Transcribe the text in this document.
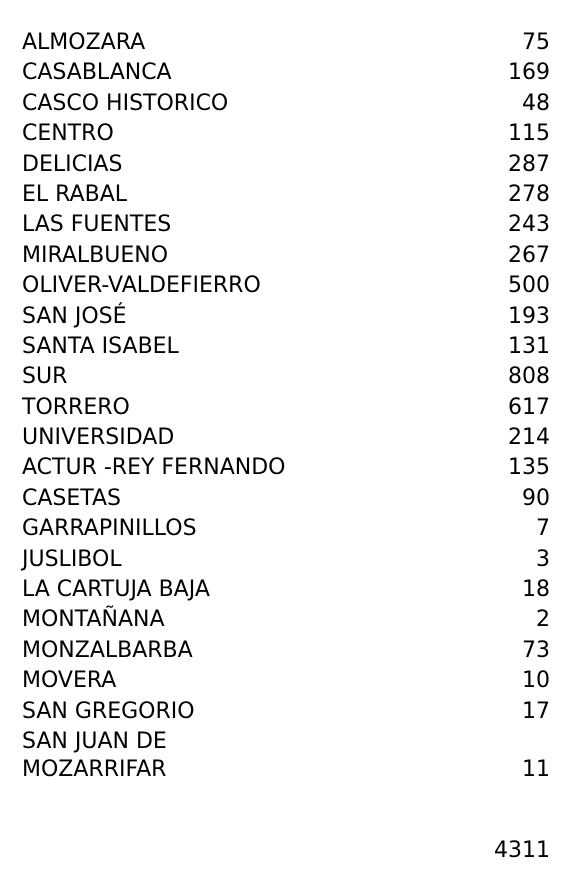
ALMOZARA	75
CASABLANCA	169
CASCO HISTORICO	48
CENTRO	115
DELICIAS	287
EL RABAL	278
LAS FUENTES	243
MIRALBUENO	267
OLIVER-VALDEFIERRO	500
SAN JOSÉ	193
SANTA ISABEL	131
SUR	808
TORRERO	617
UNIVERSIDAD	214
ACTUR -REY FERNANDO	135
CASETAS	90
GARRAPINILLOS	7
JUSLIBOL	3
LA CARTUJA BAJA	18
MONTAÑANA	2
MONZALBARBA	73
MOVERA	10
SAN GREGORIO	17
SAN JUAN DE
MOZARRIFAR	11
4311
